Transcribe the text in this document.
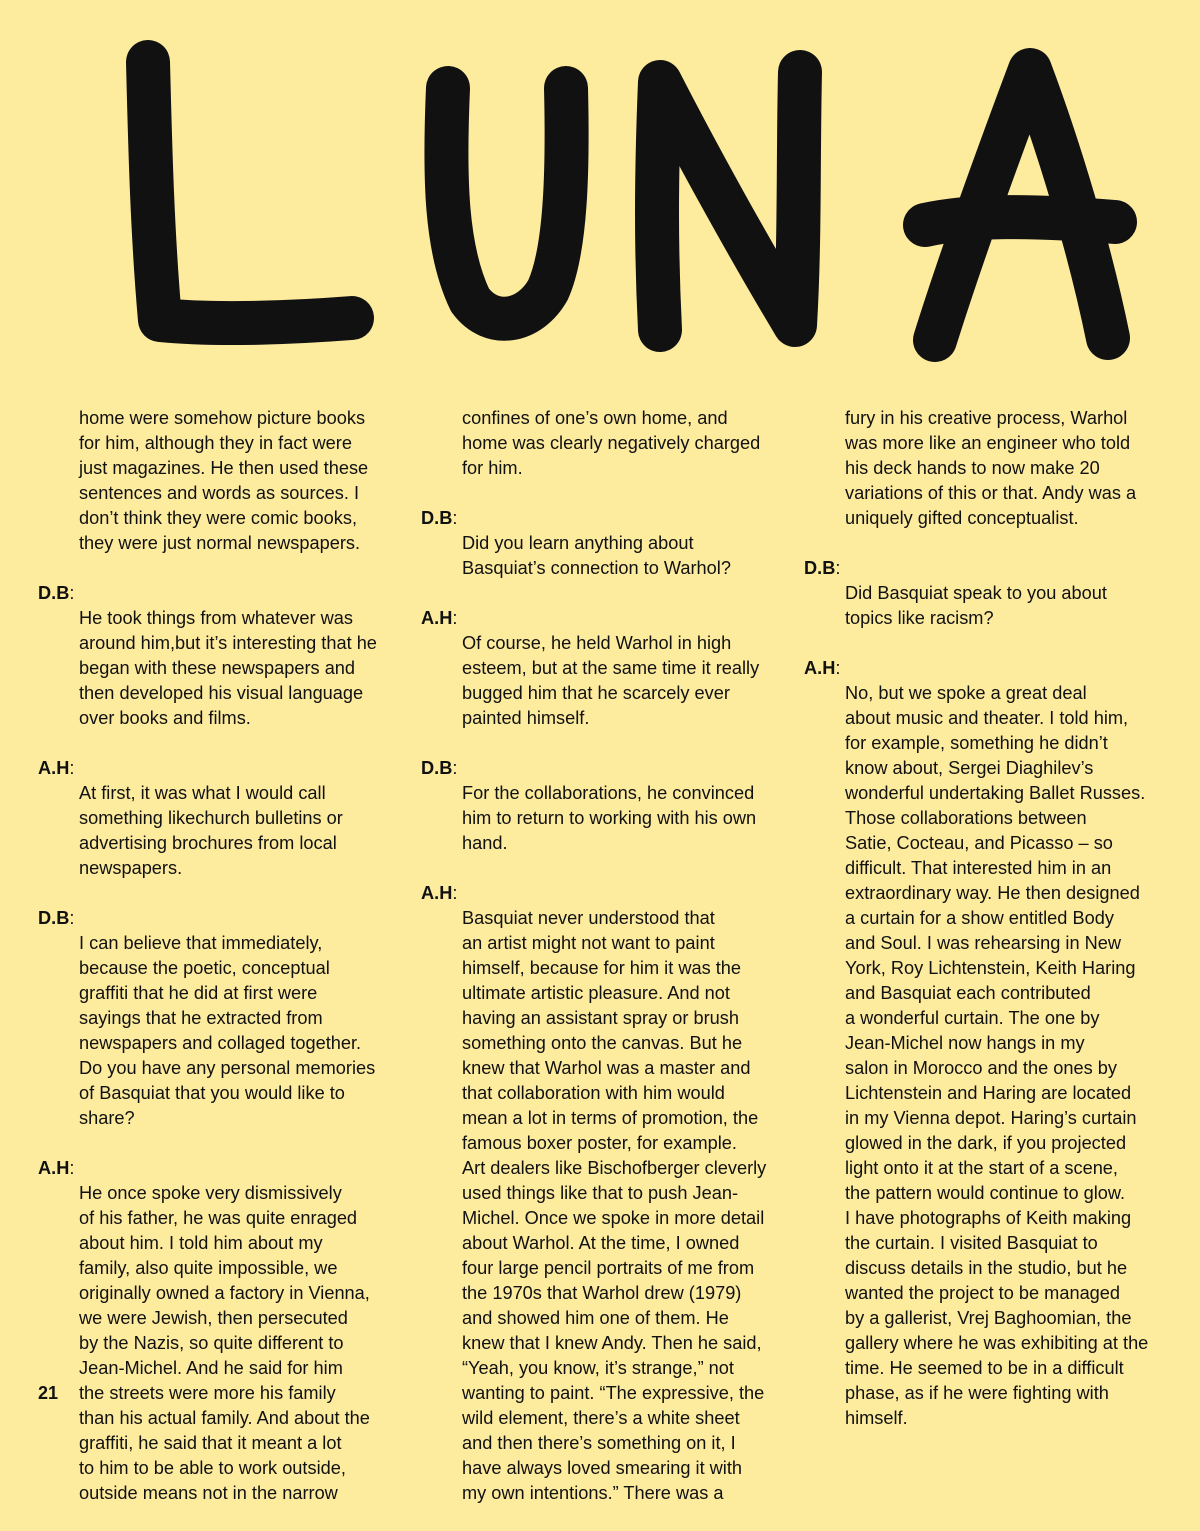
home were somehow picture books
for him, although they in fact were
just magazines. He then used these
sentences and words as sources. I
don’t think they were comic books,
they were just normal newspapers.

D.B:
He took things from whatever was
around him,but it’s interesting that he
began with these newspapers and
then developed his visual language
over books and films.

A.H:
At first, it was what I would call
something likechurch bulletins or
advertising brochures from local
newspapers.

D.B:
I can believe that immediately,
because the poetic, conceptual
graffiti that he did at first were
sayings that he extracted from
newspapers and collaged together.
Do you have any personal memories
of Basquiat that you would like to
share?

A.H:
He once spoke very dismissively
of his father, he was quite enraged
about him. I told him about my
family, also quite impossible, we
originally owned a factory in Vienna,
we were Jewish, then persecuted
by the Nazis, so quite different to
Jean-Michel. And he said for him
the streets were more his family
than his actual family. And about the
graffiti, he said that it meant a lot
to him to be able to work outside,
outside means not in the narrow

confines of one’s own home, and
home was clearly negatively charged
for him.

D.B:
Did you learn anything about
Basquiat’s connection to Warhol?

A.H:
Of course, he held Warhol in high
esteem, but at the same time it really
bugged him that he scarcely ever
painted himself.

D.B:
For the collaborations, he convinced
him to return to working with his own
hand.

A.H:
Basquiat never understood that
an artist might not want to paint
himself, because for him it was the
ultimate artistic pleasure. And not
having an assistant spray or brush
something onto the canvas. But he
knew that Warhol was a master and
that collaboration with him would
mean a lot in terms of promotion, the
famous boxer poster, for example.
Art dealers like Bischofberger cleverly
used things like that to push Jean-
Michel. Once we spoke in more detail
about Warhol. At the time, I owned
four large pencil portraits of me from
the 1970s that Warhol drew (1979)
and showed him one of them. He
knew that I knew Andy. Then he said,
“Yeah, you know, it’s strange,” not
wanting to paint. “The expressive, the
wild element, there’s a white sheet
and then there’s something on it, I
have always loved smearing it with
my own intentions.” There was a

fury in his creative process, Warhol
was more like an engineer who told
his deck hands to now make 20
variations of this or that. Andy was a
uniquely gifted conceptualist.

D.B:
Did Basquiat speak to you about
topics like racism?

A.H:
No, but we spoke a great deal
about music and theater. I told him,
for example, something he didn’t
know about, Sergei Diaghilev’s
wonderful undertaking Ballet Russes.
Those collaborations between
Satie, Cocteau, and Picasso – so
difficult. That interested him in an
extraordinary way. He then designed
a curtain for a show entitled Body
and Soul. I was rehearsing in New
York, Roy Lichtenstein, Keith Haring
and Basquiat each contributed
a wonderful curtain. The one by
Jean-Michel now hangs in my
salon in Morocco and the ones by
Lichtenstein and Haring are located
in my Vienna depot. Haring’s curtain
glowed in the dark, if you projected
light onto it at the start of a scene,
the pattern would continue to glow.
I have photographs of Keith making
the curtain. I visited Basquiat to
discuss details in the studio, but he
wanted the project to be managed
by a gallerist, Vrej Baghoomian, the
gallery where he was exhibiting at the
time. He seemed to be in a difficult
phase, as if he were fighting with
himself.

21
